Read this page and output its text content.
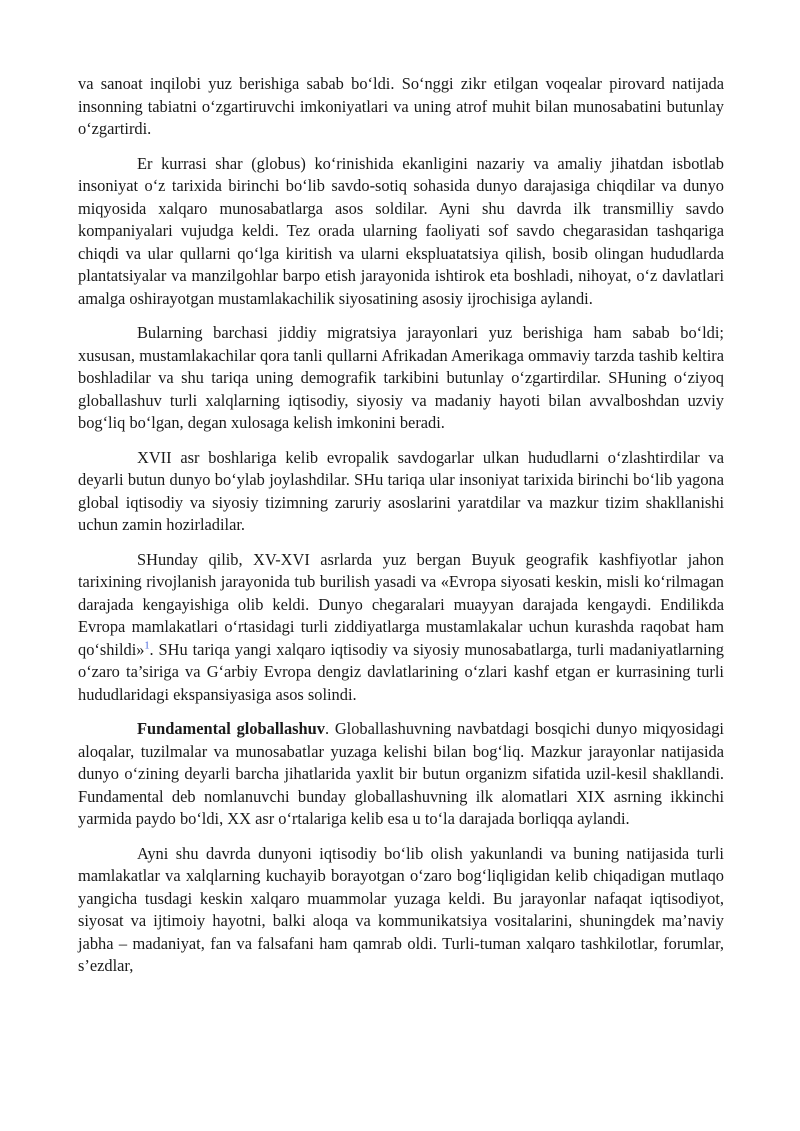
va sanoat inqilobi yuz berishiga sabab bo‘ldi. So‘nggi zikr etilgan voqealar pirovard natijada insonning tabiatni o‘zgartiruvchi imkoniyatlari va uning atrof muhit bilan munosabatini butunlay o‘zgartirdi.

Er kurrasi shar (globus) ko‘rinishida ekanligini nazariy va amaliy jihatdan isbotlab insoniyat o‘z tarixida birinchi bo‘lib savdo-sotiq sohasida dunyo darajasiga chiqdilar va dunyo miqyosida xalqaro munosabatlarga asos soldilar. Ayni shu davrda ilk transmilliy savdo kompaniyalari vujudga keldi. Tez orada ularning faoliyati sof savdo chegarasidan tashqariga chiqdi va ular qullarni qo‘lga kiritish va ularni ekspluatatsiya qilish, bosib olingan hududlarda plantatsiyalar va manzilgohlar barpo etish jarayonida ishtirok eta boshladi, nihoyat, o‘z davlatlari amalga oshirayotgan mustamlakachilik siyosatining asosiy ijrochisiga aylandi.

Bularning barchasi jiddiy migratsiya jarayonlari yuz berishiga ham sabab bo‘ldi; xususan, mustamlakachilar qora tanli qullarni Afrikadan Amerikaga ommaviy tarzda tashib keltira boshladilar va shu tariqa uning demografik tarkibini butunlay o‘zgartirdilar. SHuning o‘ziyoq globallashuv turli xalqlarning iqtisodiy, siyosiy va madaniy hayoti bilan avvalboshdan uzviy bog‘liq bo‘lgan, degan xulosaga kelish imkonini beradi.

XVII asr boshlariga kelib evropalik savdogarlar ulkan hududlarni o‘zlashtirdilar va deyarli butun dunyo bo‘ylab joylashdilar. SHu tariqa ular insoniyat tarixida birinchi bo‘lib yagona global iqtisodiy va siyosiy tizimning zaruriy asoslarini yaratdilar va mazkur tizim shakllanishi uchun zamin hozirladilar.

SHunday qilib, XV-XVI asrlarda yuz bergan Buyuk geografik kashfiyotlar jahon tarixining rivojlanish jarayonida tub burilish yasadi va «Evropa siyosati keskin, misli ko‘rilmagan darajada kengayishiga olib keldi. Dunyo chegaralari muayyan darajada kengaydi. Endilikda Evropa mamlakatlari o‘rtasidagi turli ziddiyatlarga mustamlakalar uchun kurashda raqobat ham qo‘shildi»$^1$. SHu tariqa yangi xalqaro iqtisodiy va siyosiy munosabatlarga, turli madaniyatlarning o‘zaro ta’siriga va G‘arbiy Evropa dengiz davlatlarining o‘zlari kashf etgan er kurrasining turli hududlaridagi ekspansiyasiga asos solindi.

Fundamental globallashuv. Globallashuvning navbatdagi bosqichi dunyo miqyosidagi aloqalar, tuzilmalar va munosabatlar yuzaga kelishi bilan bog‘liq. Mazkur jarayonlar natijasida dunyo o‘zining deyarli barcha jihatlarida yaxlit bir butun organizm sifatida uzil-kesil shakllandi. Fundamental deb nomlanuvchi bunday globallashuvning ilk alomatlari XIX asrning ikkinchi yarmida paydo bo‘ldi, XX asr o‘rtalariga kelib esa u to‘la darajada borliqqa aylandi.

Ayni shu davrda dunyoni iqtisodiy bo‘lib olish yakunlandi va buning natijasida turli mamlakatlar va xalqlarning kuchayib borayotgan o‘zaro bog‘liqligidan kelib chiqadigan mutlaqo yangicha tusdagi keskin xalqaro muammolar yuzaga keldi. Bu jarayonlar nafaqat iqtisodiyot, siyosat va ijtimoiy hayotni, balki aloqa va kommunikatsiya vositalarini, shuningdek ma’naviy jabha – madaniyat, fan va falsafani ham qamrab oldi. Turli-tuman xalqaro tashkilotlar, forumlar, s’ezdlar,
